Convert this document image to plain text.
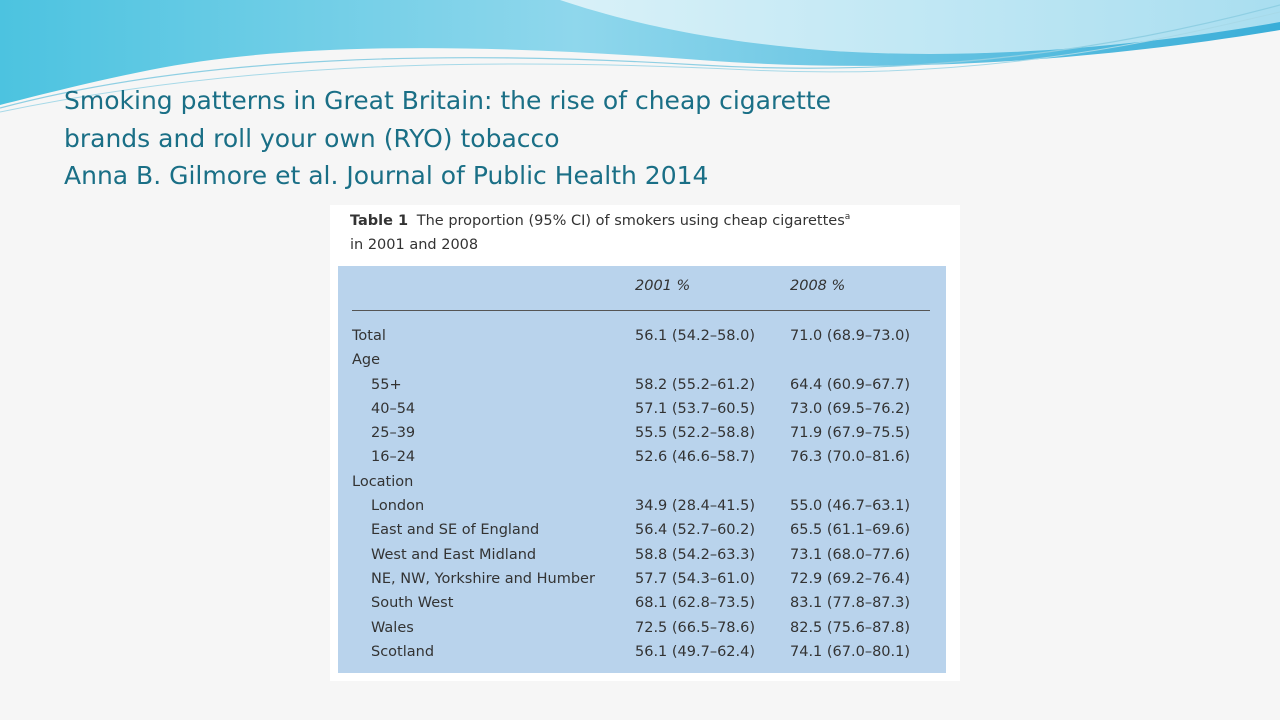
Smoking patterns in Great Britain: the rise of cheap cigarette
brands and roll your own (RYO) tobacco
Anna B. Gilmore et al. Journal of Public Health 2014
Table 1 The proportion (95% CI) of smokers using cheap cigarettes$^a$
in 2001 and 2008
2001 %	2008 %
Total	56.1 (54.2–58.0) 71.0 (68.9–73.0)
Age
55+	58.2 (55.2–61.2) 64.4 (60.9–67.7)
40–54	57.1 (53.7–60.5) 73.0 (69.5–76.2)
25–39	55.5 (52.2–58.8) 71.9 (67.9–75.5)
16–24	52.6 (46.6–58.7) 76.3 (70.0–81.6)
Location
London	34.9 (28.4–41.5) 55.0 (46.7–63.1)
East and SE of England	56.4 (52.7–60.2) 65.5 (61.1–69.6)
West and East Midland	58.8 (54.2–63.3) 73.1 (68.0–77.6)
NE, NW, Yorkshire and Humber	57.7 (54.3–61.0) 72.9 (69.2–76.4)
South West	68.1 (62.8–73.5) 83.1 (77.8–87.3)
Wales	72.5 (66.5–78.6) 82.5 (75.6–87.8)
Scotland	56.1 (49.7–62.4) 74.1 (67.0–80.1)
